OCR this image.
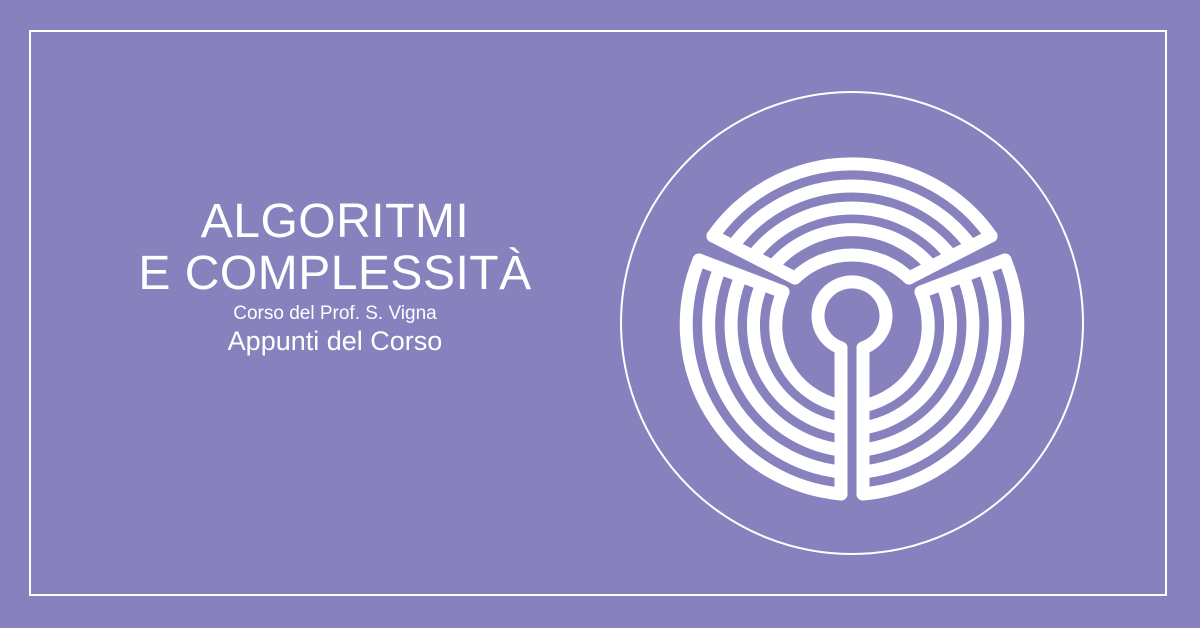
ALGORITMI
E COMPLESSITÀ
Corso del Prof. S. Vigna
Appunti del Corso
